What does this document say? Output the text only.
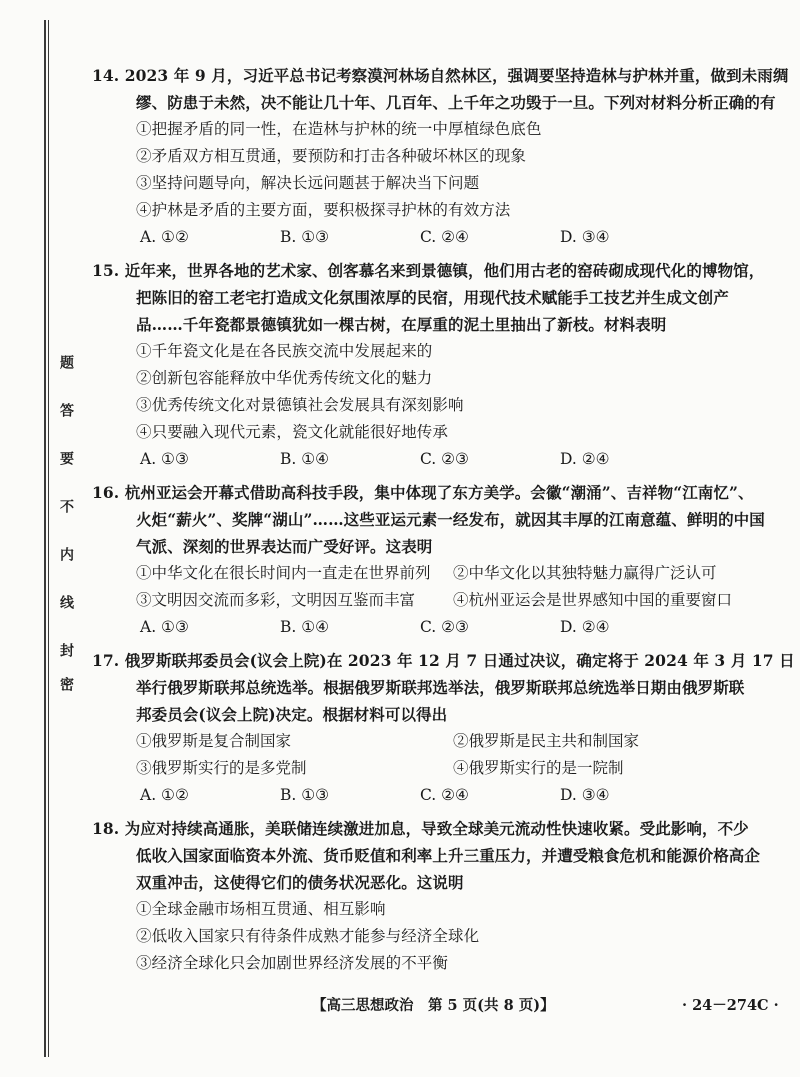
题
答
要
不
内
线
封
密
14. 2023 年 9 月，习近平总书记考察漠河林场自然林区，强调要坚持造林与护林并重，做到未雨绸
缪、防患于未然，决不能让几十年、几百年、上千年之功毁于一旦。下列对材料分析正确的有
①把握矛盾的同一性，在造林与护林的统一中厚植绿色底色
②矛盾双方相互贯通，要预防和打击各种破坏林区的现象
③坚持问题导向，解决长远问题甚于解决当下问题
④护林是矛盾的主要方面，要积极探寻护林的有效方法
A. ①②	B. ①③	C. ②④	D. ③④
15. 近年来，世界各地的艺术家、创客慕名来到景德镇，他们用古老的窑砖砌成现代化的博物馆，
把陈旧的窑工老宅打造成文化氛围浓厚的民宿，用现代技术赋能手工技艺并生成文创产
品……千年瓷都景德镇犹如一棵古树，在厚重的泥土里抽出了新枝。材料表明
①千年瓷文化是在各民族交流中发展起来的
②创新包容能释放中华优秀传统文化的魅力
③优秀传统文化对景德镇社会发展具有深刻影响
④只要融入现代元素，瓷文化就能很好地传承
A. ①③	B. ①④	C. ②③	D. ②④
16. 杭州亚运会开幕式借助高科技手段，集中体现了东方美学。会徽“潮涌”、吉祥物“江南忆”、
火炬“薪火”、奖牌“湖山”……这些亚运元素一经发布，就因其丰厚的江南意蕴、鲜明的中国
气派、深刻的世界表达而广受好评。这表明
①中华文化在很长时间内一直走在世界前列	②中华文化以其独特魅力赢得广泛认可
③文明因交流而多彩，文明因互鉴而丰富	④杭州亚运会是世界感知中国的重要窗口
A. ①③	B. ①④	C. ②③	D. ②④
17. 俄罗斯联邦委员会(议会上院)在 2023 年 12 月 7 日通过决议，确定将于 2024 年 3 月 17 日
举行俄罗斯联邦总统选举。根据俄罗斯联邦选举法，俄罗斯联邦总统选举日期由俄罗斯联
邦委员会(议会上院)决定。根据材料可以得出
①俄罗斯是复合制国家	②俄罗斯是民主共和制国家
③俄罗斯实行的是多党制	④俄罗斯实行的是一院制
A. ①②	B. ①③	C. ②④	D. ③④
18. 为应对持续高通胀，美联储连续激进加息，导致全球美元流动性快速收紧。受此影响，不少
低收入国家面临资本外流、货币贬值和利率上升三重压力，并遭受粮食危机和能源价格高企
双重冲击，这使得它们的债务状况恶化。这说明
①全球金融市场相互贯通、相互影响
②低收入国家只有待条件成熟才能参与经济全球化
③经济全球化只会加剧世界经济发展的不平衡
【高三思想政治　第 5 页(共 8 页)】	· 24－274C ·
